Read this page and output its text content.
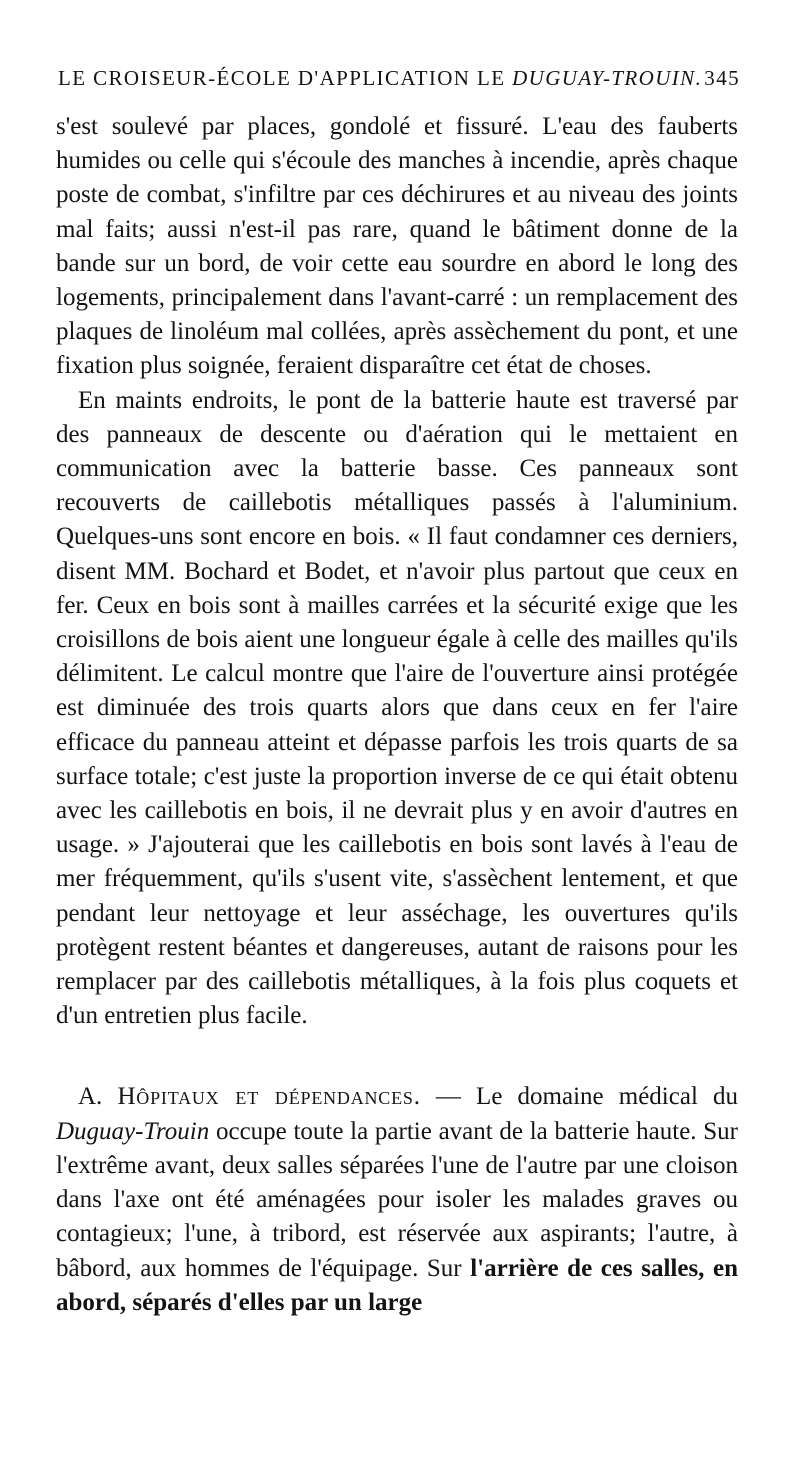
LE CROISEUR-ÉCOLE D'APPLICATION LE DUGUAY-TROUIN. 345

s'est soulevé par places, gondolé et fissuré. L'eau des fauberts humides ou celle qui s'écoule des manches à incendie, après chaque poste de combat, s'infiltre par ces déchirures et au niveau des joints mal faits; aussi n'est-il pas rare, quand le bâtiment donne de la bande sur un bord, de voir cette eau sourdre en abord le long des logements, principalement dans l'avant-carré : un remplacement des plaques de linoléum mal collées, après assèchement du pont, et une fixation plus soignée, feraient disparaître cet état de choses.

En maints endroits, le pont de la batterie haute est traversé par des panneaux de descente ou d'aération qui le mettaient en communication avec la batterie basse. Ces panneaux sont recouverts de caillebotis métalliques passés à l'aluminium. Quelques-uns sont encore en bois. « Il faut condamner ces derniers, disent MM. Bochard et Bodet, et n'avoir plus partout que ceux en fer. Ceux en bois sont à mailles carrées et la sécurité exige que les croisillons de bois aient une longueur égale à celle des mailles qu'ils délimitent. Le calcul montre que l'aire de l'ouverture ainsi protégée est diminuée des trois quarts alors que dans ceux en fer l'aire efficace du panneau atteint et dépasse parfois les trois quarts de sa surface totale; c'est juste la proportion inverse de ce qui était obtenu avec les caillebotis en bois, il ne devrait plus y en avoir d'autres en usage. » J'ajouterai que les caillebotis en bois sont lavés à l'eau de mer fréquemment, qu'ils s'usent vite, s'assèchent lentement, et que pendant leur nettoyage et leur asséchage, les ouvertures qu'ils protègent restent béantes et dangereuses, autant de raisons pour les remplacer par des caillebotis métalliques, à la fois plus coquets et d'un entretien plus facile.

A. Hôpitaux et dépendances. — Le domaine médical du Duguay-Trouin occupe toute la partie avant de la batterie haute. Sur l'extrême avant, deux salles séparées l'une de l'autre par une cloison dans l'axe ont été aménagées pour isoler les malades graves ou contagieux; l'une, à tribord, est réservée aux aspirants; l'autre, à bâbord, aux hommes de l'équipage. Sur l'arrière de ces salles, en abord, séparés d'elles par un large
